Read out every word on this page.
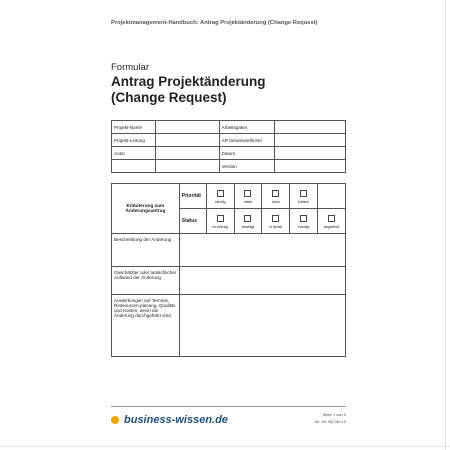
Projektmanagement-Handbuch: Antrag Projektänderung (Change Request)
Formular
Antrag Projektänderung
(Change Request)
Projekt-Name		Arbeitspaket	
Projekt-Leitung		AP-Verantwortlicher	
Autor		Datum	
		Version	
Erläuterung zum Änderungsantrag	Priorität	niedrig	mittel	hoch	kritisch	
	Status	im Antrag	bewilligt	in Arbeit	erledigt	abgelehnt
Beschreibung der Änderung						
Geschätzter oder tatsächlicher Aufwand der Änderung						
Auswirkungen auf Termine, Ressourcen-planung, Qualität und Kosten, wenn die Änderung durchgeführt wird						
business-wissen.de	Seite 1 von 2
Art.-Nr. 06.190.12
